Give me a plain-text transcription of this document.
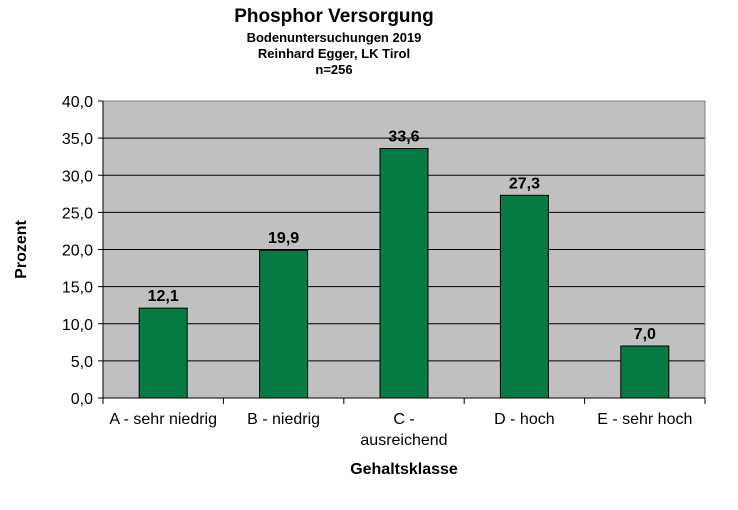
Phosphor Versorgung
Bodenuntersuchungen 2019
Reinhard Egger, LK Tirol
n=256
0,0
5,0
10,0
15,0
20,0
25,0
30,0
35,0
40,0
12,1
A - sehr niedrig
19,9
B - niedrig
33,6
C -
ausreichend
27,3
D - hoch
7,0
E - sehr hoch
Gehaltsklasse
Prozent
